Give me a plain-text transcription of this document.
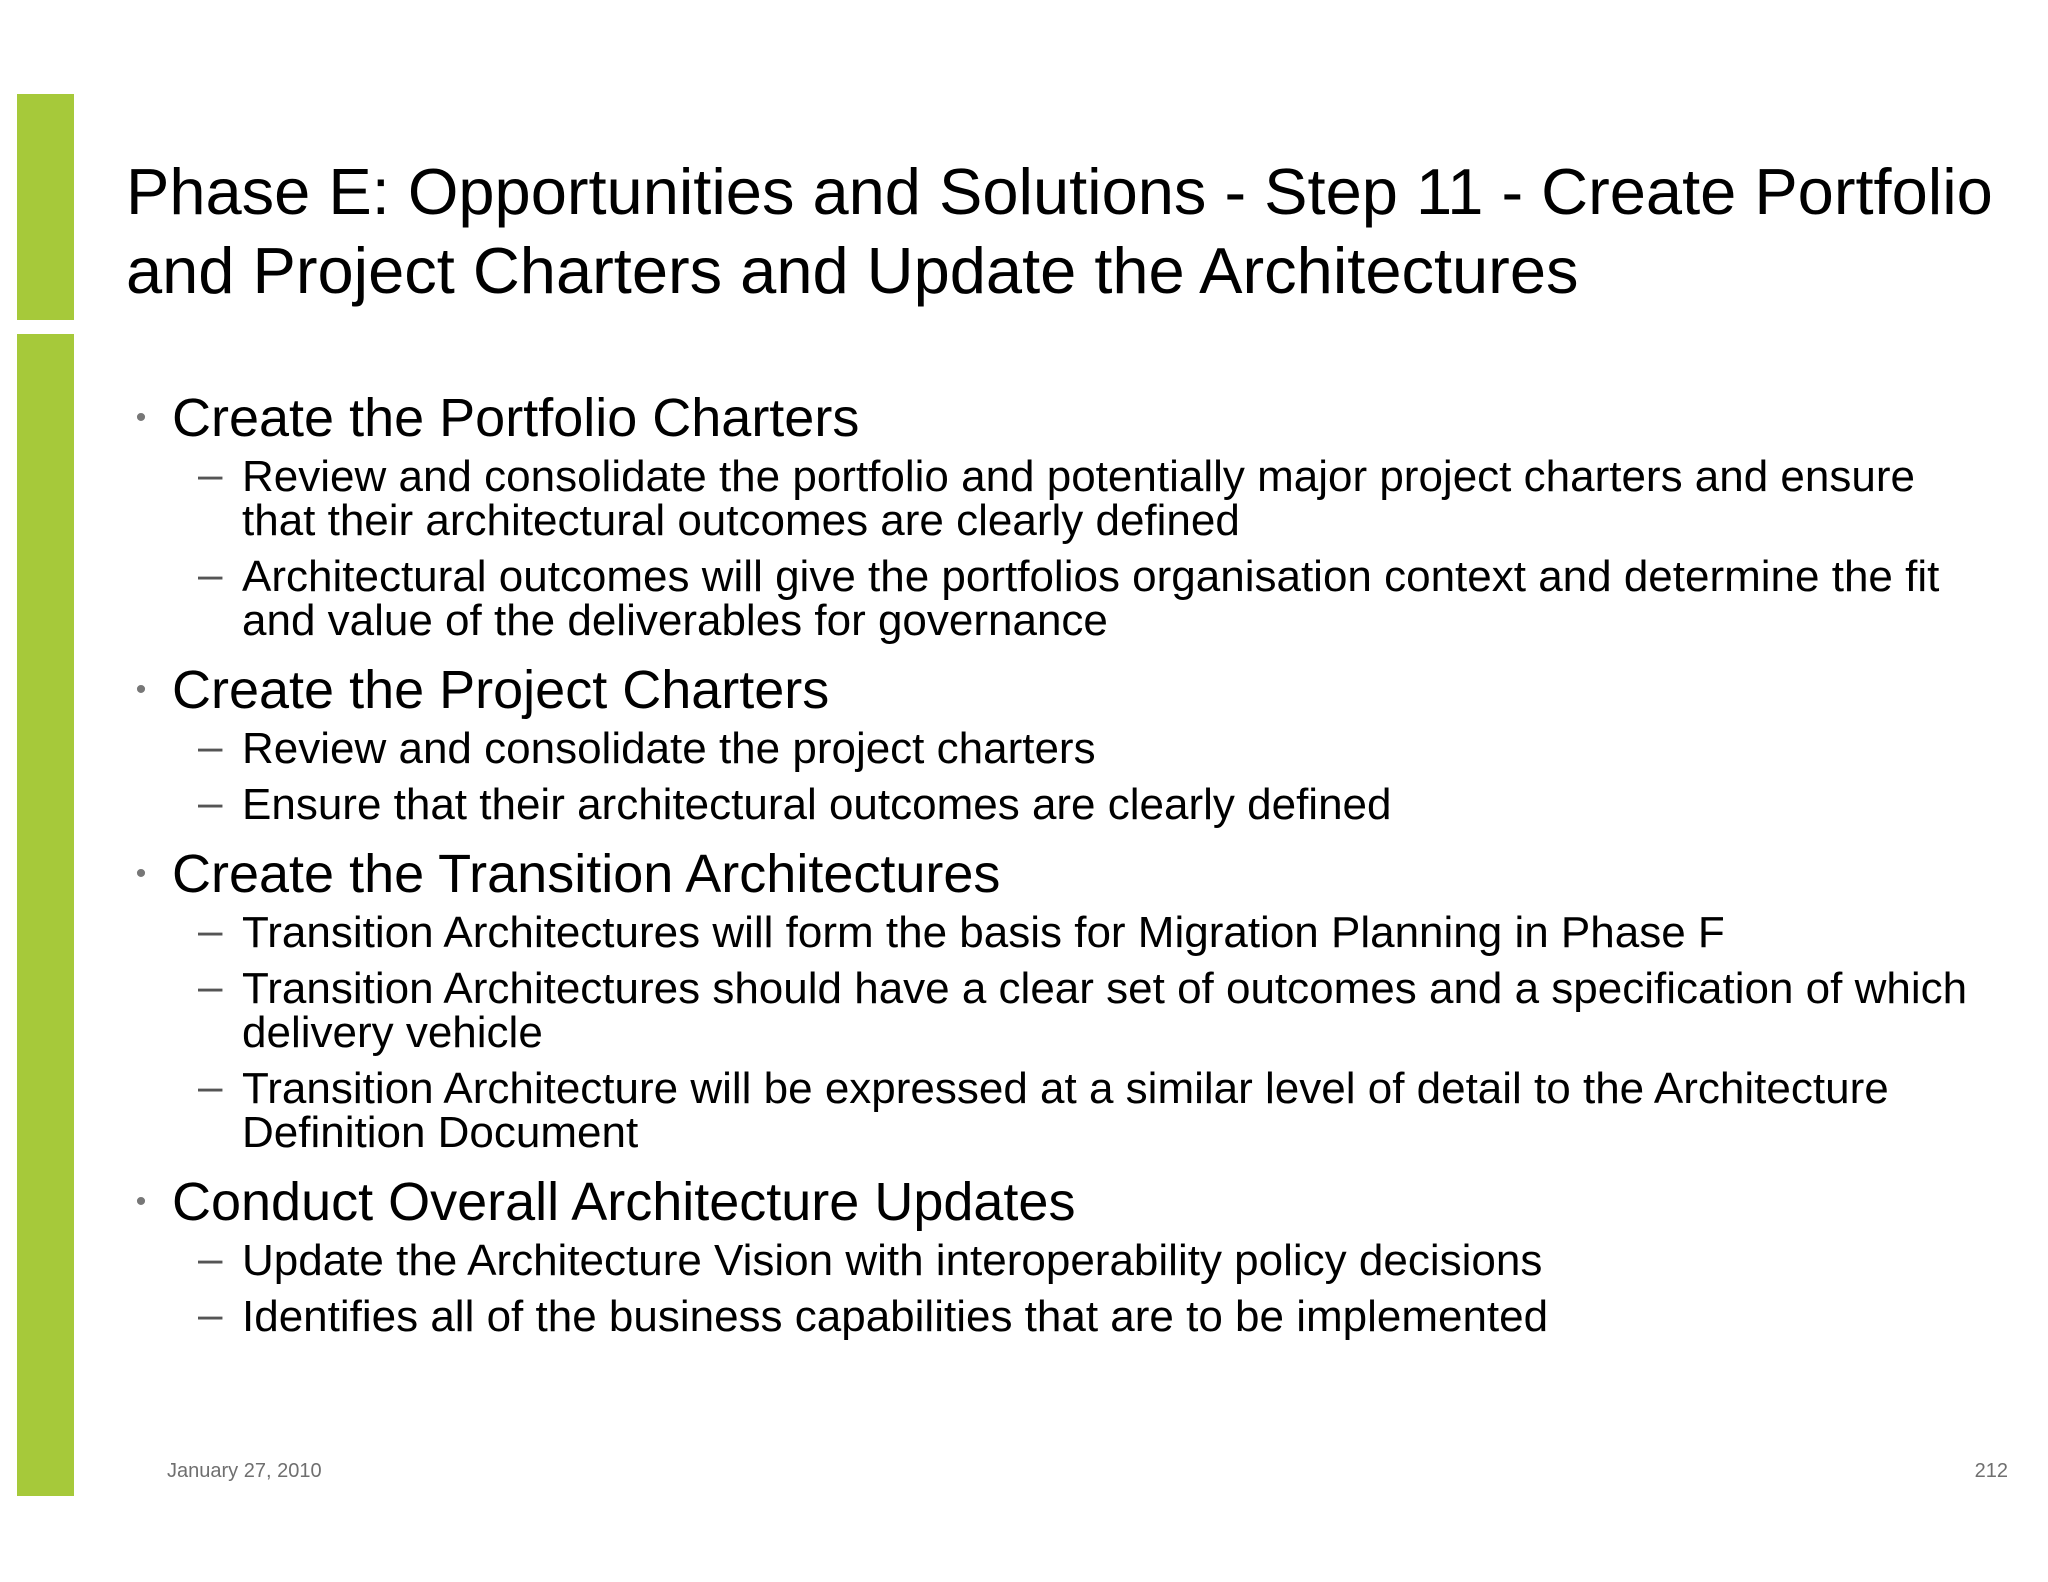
Phase E: Opportunities and Solutions - Step 11 - Create Portfolio and Project Charters and Update the Architectures
• Create the Portfolio Charters
– Review and consolidate the portfolio and potentially major project charters and ensure that their architectural outcomes are clearly defined
– Architectural outcomes will give the portfolios organisation context and determine the fit and value of the deliverables for governance
• Create the Project Charters
– Review and consolidate the project charters
– Ensure that their architectural outcomes are clearly defined
• Create the Transition Architectures
– Transition Architectures will form the basis for Migration Planning in Phase F
– Transition Architectures should have a clear set of outcomes and a specification of which delivery vehicle
– Transition Architecture will be expressed at a similar level of detail to the Architecture Definition Document
• Conduct Overall Architecture Updates
– Update the Architecture Vision with interoperability policy decisions
– Identifies all of the business capabilities that are to be implemented
January 27, 2010	212
